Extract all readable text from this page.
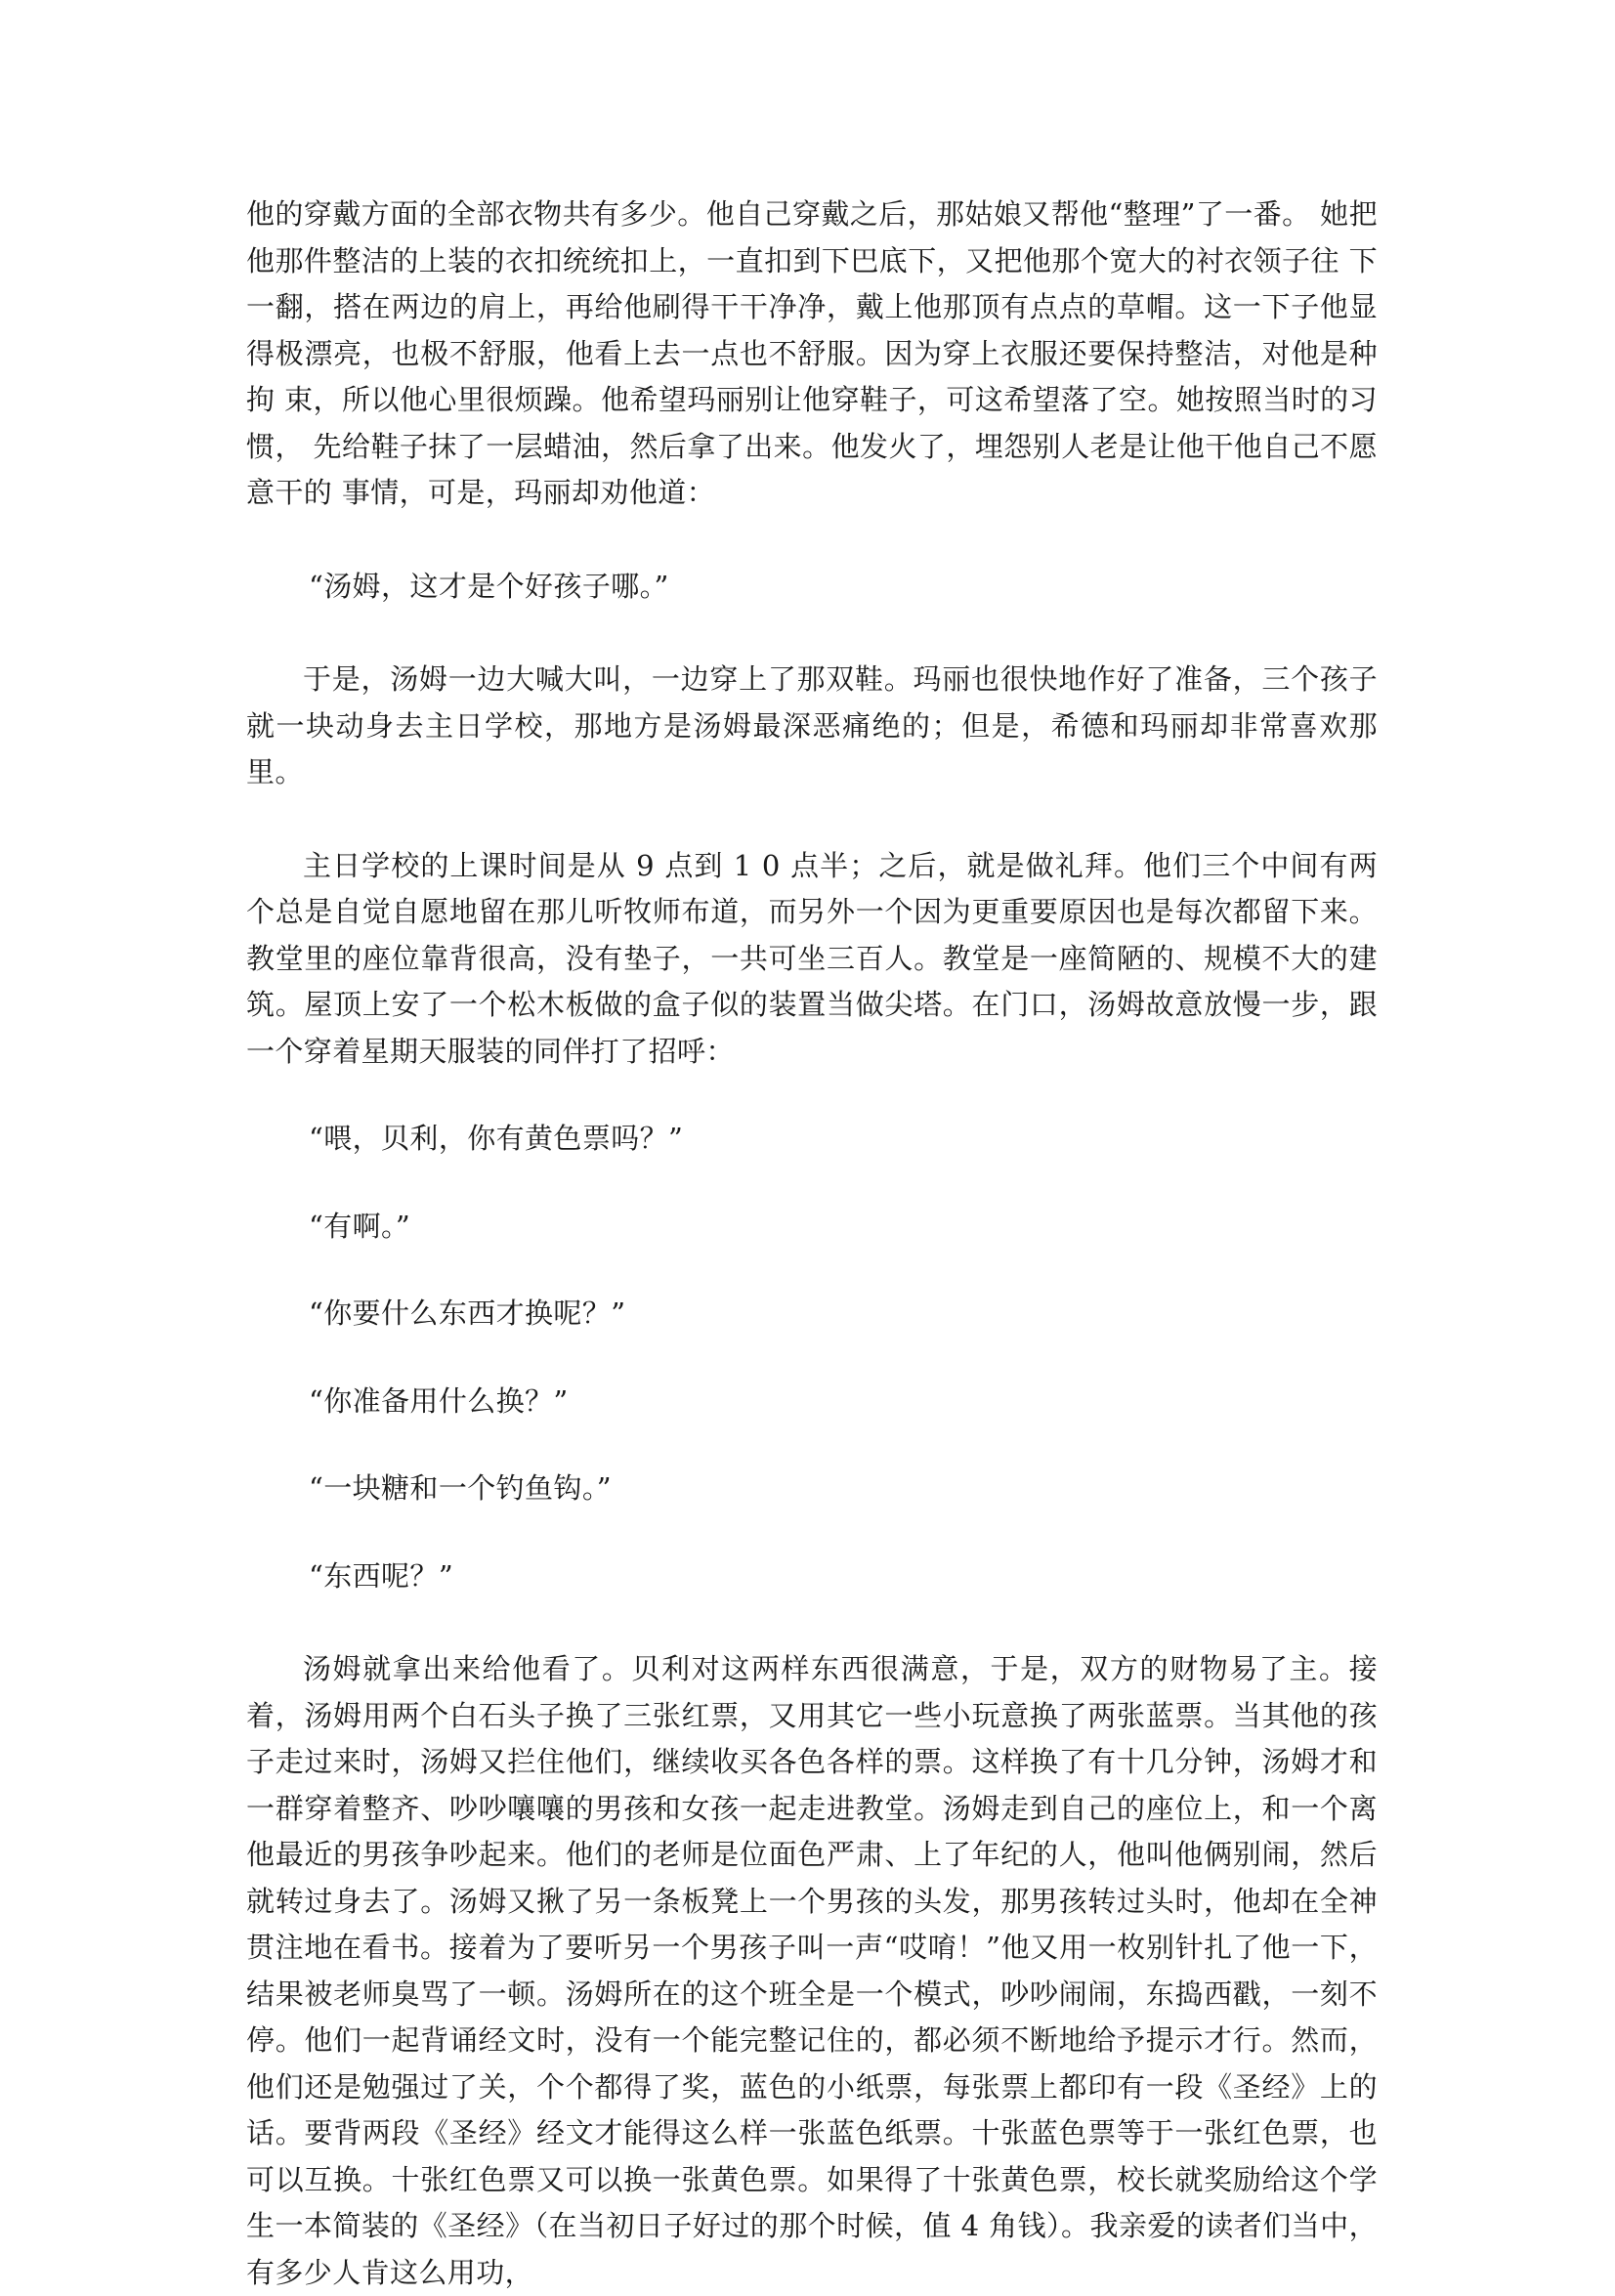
他的穿戴方面的全部衣物共有多少。他自己穿戴之后，那姑娘又帮他“整理”了一番。 她把他那件整洁的上装的衣扣统统扣上，一直扣到下巴底下，又把他那个宽大的衬衣领子往 下一翻，搭在两边的肩上，再给他刷得干干净净，戴上他那顶有点点的草帽。这一下子他显 得极漂亮，也极不舒服，他看上去一点也不舒服。因为穿上衣服还要保持整洁，对他是种拘 束，所以他心里很烦躁。他希望玛丽别让他穿鞋子，可这希望落了空。她按照当时的习惯， 先给鞋子抹了一层蜡油，然后拿了出来。他发火了，埋怨别人老是让他干他自己不愿意干的 事情，可是，玛丽却劝他道：

“汤姆，这才是个好孩子哪。”

于是，汤姆一边大喊大叫，一边穿上了那双鞋。玛丽也很快地作好了准备，三个孩子就一块动身去主日学校，那地方是汤姆最深恶痛绝的；但是，希德和玛丽却非常喜欢那里。

主日学校的上课时间是从 9 点到 1 0 点半；之后，就是做礼拜。他们三个中间有两个总是自觉自愿地留在那儿听牧师布道，而另外一个因为更重要原因也是每次都留下来。教堂里的座位靠背很高，没有垫子，一共可坐三百人。教堂是一座简陋的、规模不大的建筑。屋顶上安了一个松木板做的盒子似的装置当做尖塔。在门口，汤姆故意放慢一步，跟一个穿着星期天服装的同伴打了招呼：

“喂，贝利，你有黄色票吗？”

“有啊。”

“你要什么东西才换呢？”

“你准备用什么换？”

“一块糖和一个钓鱼钩。”

“东西呢？”

汤姆就拿出来给他看了。贝利对这两样东西很满意，于是，双方的财物易了主。接着，汤姆用两个白石头子换了三张红票，又用其它一些小玩意换了两张蓝票。当其他的孩子走过来时，汤姆又拦住他们，继续收买各色各样的票。这样换了有十几分钟，汤姆才和一群穿着整齐、吵吵嚷嚷的男孩和女孩一起走进教堂。汤姆走到自己的座位上，和一个离他最近的男孩争吵起来。他们的老师是位面色严肃、上了年纪的人，他叫他俩别闹，然后就转过身去了。汤姆又揪了另一条板凳上一个男孩的头发，那男孩转过头时，他却在全神贯注地在看书。接着为了要听另一个男孩子叫一声“哎唷！”他又用一枚别针扎了他一下，结果被老师臭骂了一顿。汤姆所在的这个班全是一个模式，吵吵闹闹，东捣西戳，一刻不停。他们一起背诵经文时，没有一个能完整记住的，都必须不断地给予提示才行。然而，他们还是勉强过了关，个个都得了奖，蓝色的小纸票，每张票上都印有一段《圣经》上的话。要背两段《圣经》经文才能得这么样一张蓝色纸票。十张蓝色票等于一张红色票，也可以互换。十张红色票又可以换一张黄色票。如果得了十张黄色票，校长就奖励给这个学生一本简装的《圣经》（在当初日子好过的那个时候，值 4 角钱）。我亲爱的读者们当中，有多少人肯这么用功，
